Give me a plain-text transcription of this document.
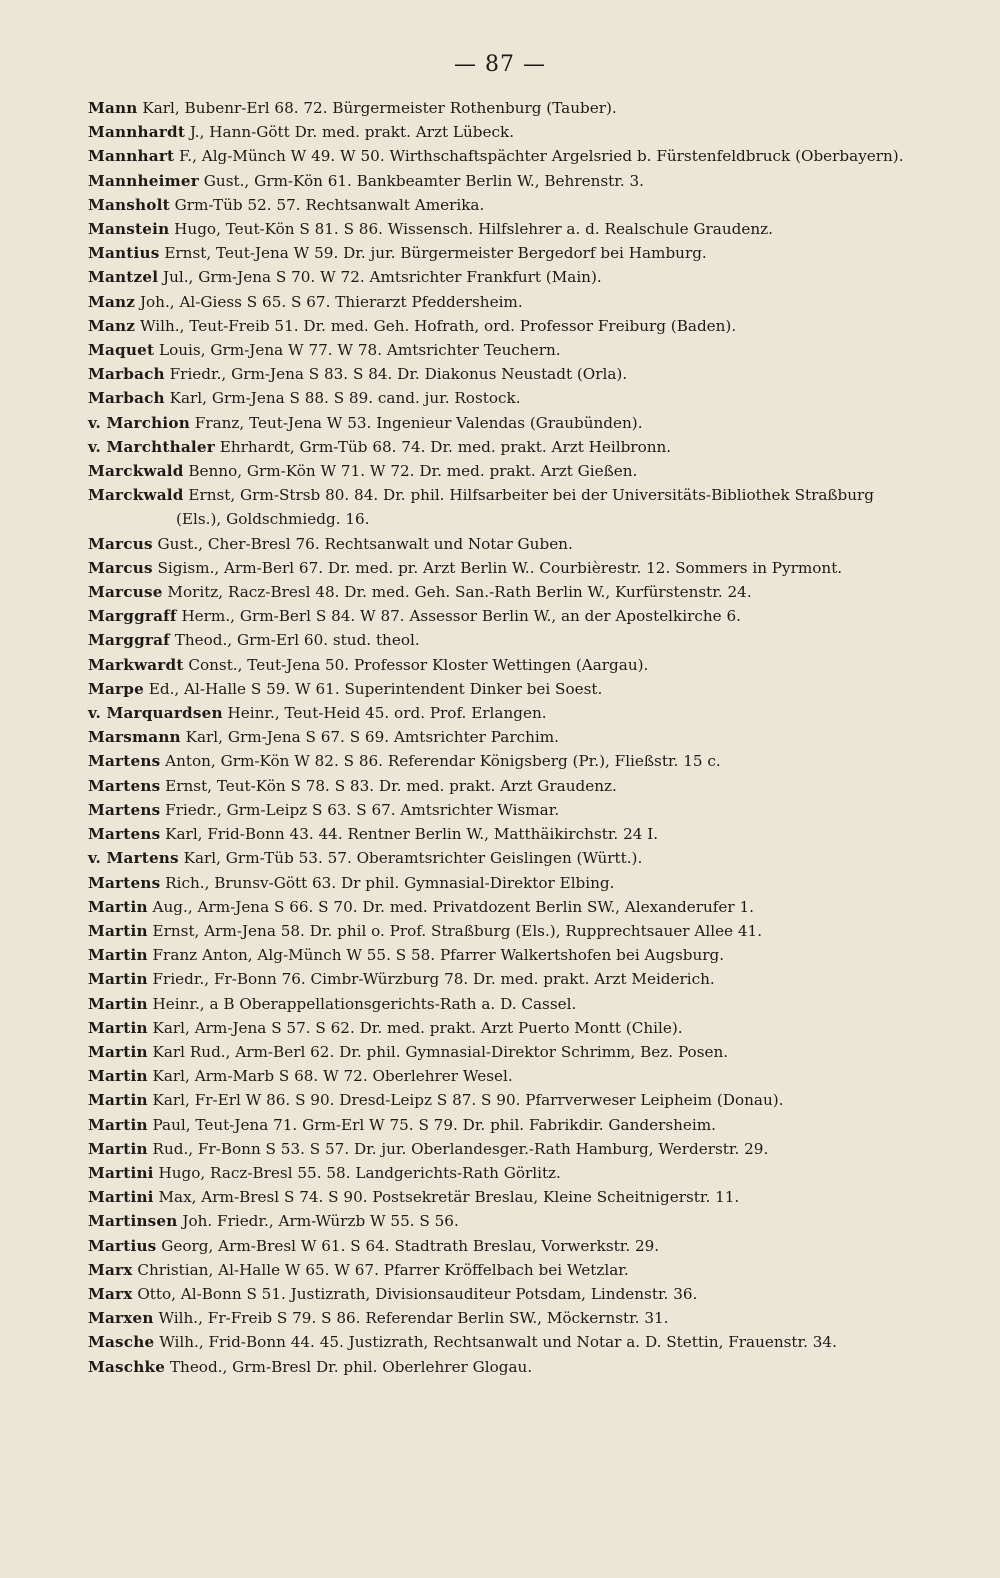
— 87 —
Mann Karl, Bubenr-Erl 68. 72. Bürgermeister Rothenburg (Tauber).
Mannhardt J., Hann-Gött Dr. med. prakt. Arzt Lübeck.
Mannhart F., Alg-Münch W 49. W 50. Wirthschaftspächter Argelsried b. Fürstenfeldbruck (Oberbayern).
Mannheimer Gust., Grm-Kön 61. Bankbeamter Berlin W., Behrenstr. 3.
Mansholt Grm-Tüb 52. 57. Rechtsanwalt Amerika.
Manstein Hugo, Teut-Kön S 81. S 86. Wissensch. Hilfslehrer a. d. Realschule Graudenz.
Mantius Ernst, Teut-Jena W 59. Dr. jur. Bürgermeister Bergedorf bei Hamburg.
Mantzel Jul., Grm-Jena S 70. W 72. Amtsrichter Frankfurt (Main).
Manz Joh., Al-Giess S 65. S 67. Thierarzt Pfeddersheim.
Manz Wilh., Teut-Freib 51. Dr. med. Geh. Hofrath, ord. Professor Freiburg (Baden).
Maquet Louis, Grm-Jena W 77. W 78. Amtsrichter Teuchern.
Marbach Friedr., Grm-Jena S 83. S 84. Dr. Diakonus Neustadt (Orla).
Marbach Karl, Grm-Jena S 88. S 89. cand. jur. Rostock.
v. Marchion Franz, Teut-Jena W 53. Ingenieur Valendas (Graubünden).
v. Marchthaler Ehrhardt, Grm-Tüb 68. 74. Dr. med. prakt. Arzt Heilbronn.
Marckwald Benno, Grm-Kön W 71. W 72. Dr. med. prakt. Arzt Gießen.
Marckwald Ernst, Grm-Strsb 80. 84. Dr. phil. Hilfsarbeiter bei der Universitäts-Bibliothek Straßburg (Els.), Goldschmiedg. 16.
Marcus Gust., Cher-Bresl 76. Rechtsanwalt und Notar Guben.
Marcus Sigism., Arm-Berl 67. Dr. med. pr. Arzt Berlin W.. Courbièrestr. 12. Sommers in Pyrmont.
Marcuse Moritz, Racz-Bresl 48. Dr. med. Geh. San.-Rath Berlin W., Kurfürstenstr. 24.
Marggraff Herm., Grm-Berl S 84. W 87. Assessor Berlin W., an der Apostelkirche 6.
Marggraf Theod., Grm-Erl 60. stud. theol.
Markwardt Const., Teut-Jena 50. Professor Kloster Wettingen (Aargau).
Marpe Ed., Al-Halle S 59. W 61. Superintendent Dinker bei Soest.
v. Marquardsen Heinr., Teut-Heid 45. ord. Prof. Erlangen.
Marsmann Karl, Grm-Jena S 67. S 69. Amtsrichter Parchim.
Martens Anton, Grm-Kön W 82. S 86. Referendar Königsberg (Pr.), Fließstr. 15 c.
Martens Ernst, Teut-Kön S 78. S 83. Dr. med. prakt. Arzt Graudenz.
Martens Friedr., Grm-Leipz S 63. S 67. Amtsrichter Wismar.
Martens Karl, Frid-Bonn 43. 44. Rentner Berlin W., Matthäikirchstr. 24 I.
v. Martens Karl, Grm-Tüb 53. 57. Oberamtsrichter Geislingen (Württ.).
Martens Rich., Brunsv-Gött 63. Dr phil. Gymnasial-Direktor Elbing.
Martin Aug., Arm-Jena S 66. S 70. Dr. med. Privatdozent Berlin SW., Alexanderufer 1.
Martin Ernst, Arm-Jena 58. Dr. phil o. Prof. Straßburg (Els.), Rupprechtsauer Allee 41.
Martin Franz Anton, Alg-Münch W 55. S 58. Pfarrer Walkertshofen bei Augsburg.
Martin Friedr., Fr-Bonn 76. Cimbr-Würzburg 78. Dr. med. prakt. Arzt Meiderich.
Martin Heinr., a B Oberappellationsgerichts-Rath a. D. Cassel.
Martin Karl, Arm-Jena S 57. S 62. Dr. med. prakt. Arzt Puerto Montt (Chile).
Martin Karl Rud., Arm-Berl 62. Dr. phil. Gymnasial-Direktor Schrimm, Bez. Posen.
Martin Karl, Arm-Marb S 68. W 72. Oberlehrer Wesel.
Martin Karl, Fr-Erl W 86. S 90. Dresd-Leipz S 87. S 90. Pfarrverweser Leipheim (Donau).
Martin Paul, Teut-Jena 71. Grm-Erl W 75. S 79. Dr. phil. Fabrikdir. Gandersheim.
Martin Rud., Fr-Bonn S 53. S 57. Dr. jur. Oberlandesger.-Rath Hamburg, Werderstr. 29.
Martini Hugo, Racz-Bresl 55. 58. Landgerichts-Rath Görlitz.
Martini Max, Arm-Bresl S 74. S 90. Postsekretär Breslau, Kleine Scheitnigerstr. 11.
Martinsen Joh. Friedr., Arm-Würzb W 55. S 56.
Martius Georg, Arm-Bresl W 61. S 64. Stadtrath Breslau, Vorwerkstr. 29.
Marx Christian, Al-Halle W 65. W 67. Pfarrer Kröffelbach bei Wetzlar.
Marx Otto, Al-Bonn S 51. Justizrath, Divisionsauditeur Potsdam, Lindenstr. 36.
Marxen Wilh., Fr-Freib S 79. S 86. Referendar Berlin SW., Möckernstr. 31.
Masche Wilh., Frid-Bonn 44. 45. Justizrath, Rechtsanwalt und Notar a. D. Stettin, Frauenstr. 34.
Maschke Theod., Grm-Bresl Dr. phil. Oberlehrer Glogau.
